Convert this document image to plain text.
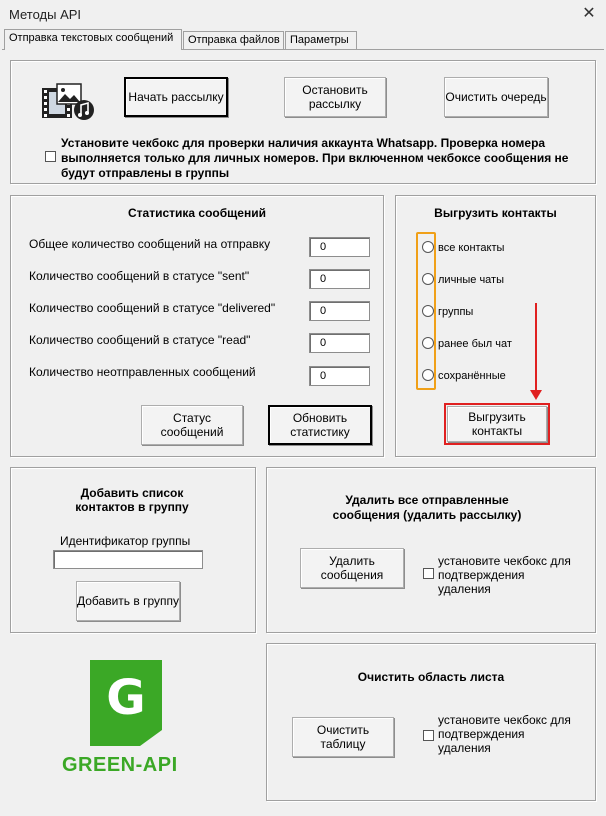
Методы API	✕
Отправка текстовых сообщений	Отправка файлов Параметры
Начать рассылку	Остановить рассылку	Очистить очередь
Установите чекбокс для проверки наличия аккаунта Whatsapp. Проверка номера выполняется только для личных номеров. При включенном чекбоксе сообщения не будут отправлены в группы
Статистика сообщений
Общее количество сообщений на отправку	0
Количество сообщений в статусе "sent"	0
Количество сообщений в статусе "delivered"	0
Количество сообщений в статусе "read"	0
Количество неотправленных сообщений	0
Статус сообщений
Обновить статистику
Выгрузить контакты
все контакты
личные чаты
группы
ранее был чат
сохранённые
Выгрузить контакты
Добавить список контактов в группу
Идентификатор группы
Добавить в группу
Удалить все отправленные сообщения (удалить рассылку)
Удалить сообщения
установите чекбокс для подтверждения удаления
G
GREEN-API
Очистить область листа
Очистить таблицу
установите чекбокс для подтверждения удаления
